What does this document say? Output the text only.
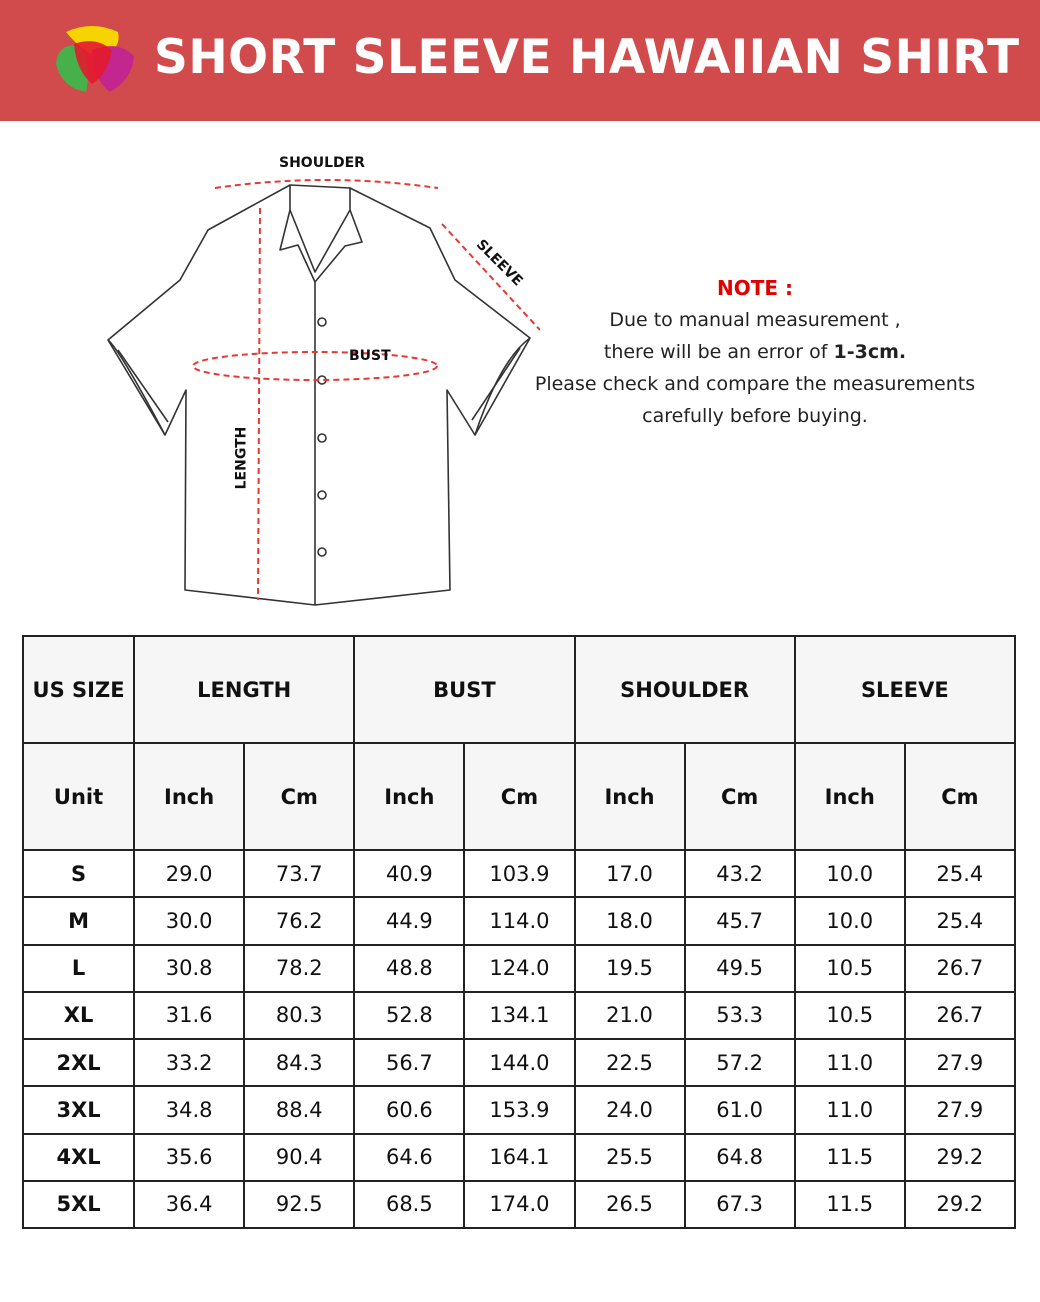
SHORT SLEEVE HAWAIIAN SHIRT
SHOULDER
SLEEVE
BUST
LENGTH
NOTE :
Due to manual measurement ,
there will be an error of 1-3cm.
Please check and compare the measurements
carefully before buying.
US SIZE	LENGTH		BUST		SHOULDER		SLEEVE	
Unit	Inch	Cm	Inch	Cm	Inch	Cm	Inch	Cm
S	29.0	73.7	40.9	103.9	17.0	43.2	10.0	25.4
M	30.0	76.2	44.9	114.0	18.0	45.7	10.0	25.4
L	30.8	78.2	48.8	124.0	19.5	49.5	10.5	26.7
XL	31.6	80.3	52.8	134.1	21.0	53.3	10.5	26.7
2XL	33.2	84.3	56.7	144.0	22.5	57.2	11.0	27.9
3XL	34.8	88.4	60.6	153.9	24.0	61.0	11.0	27.9
4XL	35.6	90.4	64.6	164.1	25.5	64.8	11.5	29.2
5XL	36.4	92.5	68.5	174.0	26.5	67.3	11.5	29.2
